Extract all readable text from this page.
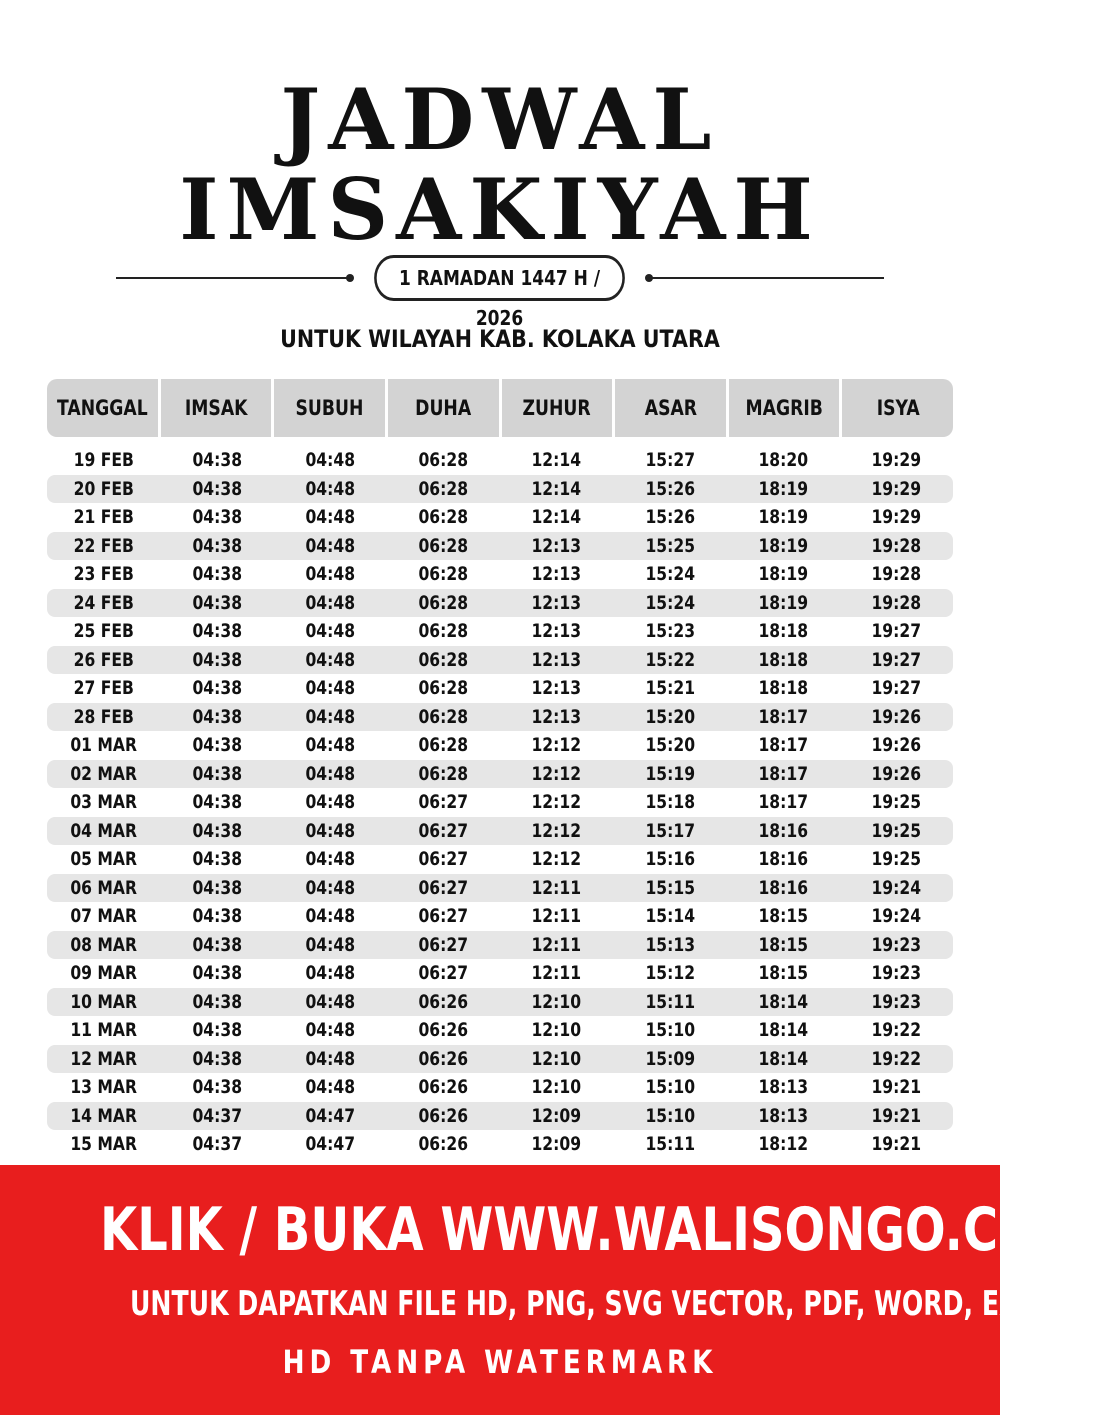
JADWAL
IMSAKIYAH
1 RAMADAN 1447 H / 2026
UNTUK WILAYAH KAB. KOLAKA UTARA
TANGGAL	IMSAK	SUBUH	DUHA	ZUHUR	ASAR	MAGRIB	ISYA
19 FEB	04:38	04:48	06:28	12:14	15:27	18:20	19:29
20 FEB	04:38	04:48	06:28	12:14	15:26	18:19	19:29
21 FEB	04:38	04:48	06:28	12:14	15:26	18:19	19:29
22 FEB	04:38	04:48	06:28	12:13	15:25	18:19	19:28
23 FEB	04:38	04:48	06:28	12:13	15:24	18:19	19:28
24 FEB	04:38	04:48	06:28	12:13	15:24	18:19	19:28
25 FEB	04:38	04:48	06:28	12:13	15:23	18:18	19:27
26 FEB	04:38	04:48	06:28	12:13	15:22	18:18	19:27
27 FEB	04:38	04:48	06:28	12:13	15:21	18:18	19:27
28 FEB	04:38	04:48	06:28	12:13	15:20	18:17	19:26
01 MAR	04:38	04:48	06:28	12:12	15:20	18:17	19:26
02 MAR	04:38	04:48	06:28	12:12	15:19	18:17	19:26
03 MAR	04:38	04:48	06:27	12:12	15:18	18:17	19:25
04 MAR	04:38	04:48	06:27	12:12	15:17	18:16	19:25
05 MAR	04:38	04:48	06:27	12:12	15:16	18:16	19:25
06 MAR	04:38	04:48	06:27	12:11	15:15	18:16	19:24
07 MAR	04:38	04:48	06:27	12:11	15:14	18:15	19:24
08 MAR	04:38	04:48	06:27	12:11	15:13	18:15	19:23
09 MAR	04:38	04:48	06:27	12:11	15:12	18:15	19:23
10 MAR	04:38	04:48	06:26	12:10	15:11	18:14	19:23
11 MAR	04:38	04:48	06:26	12:10	15:10	18:14	19:22
12 MAR	04:38	04:48	06:26	12:10	15:09	18:14	19:22
13 MAR	04:38	04:48	06:26	12:10	15:10	18:13	19:21
14 MAR	04:37	04:47	06:26	12:09	15:10	18:13	19:21
15 MAR	04:37	04:47	06:26	12:09	15:11	18:12	19:21
KLIK / BUKA WWW.WALISONGO.CO.ID
UNTUK DAPATKAN FILE HD, PNG, SVG VECTOR, PDF, WORD, EXCEL
HD TANPA WATERMARK
